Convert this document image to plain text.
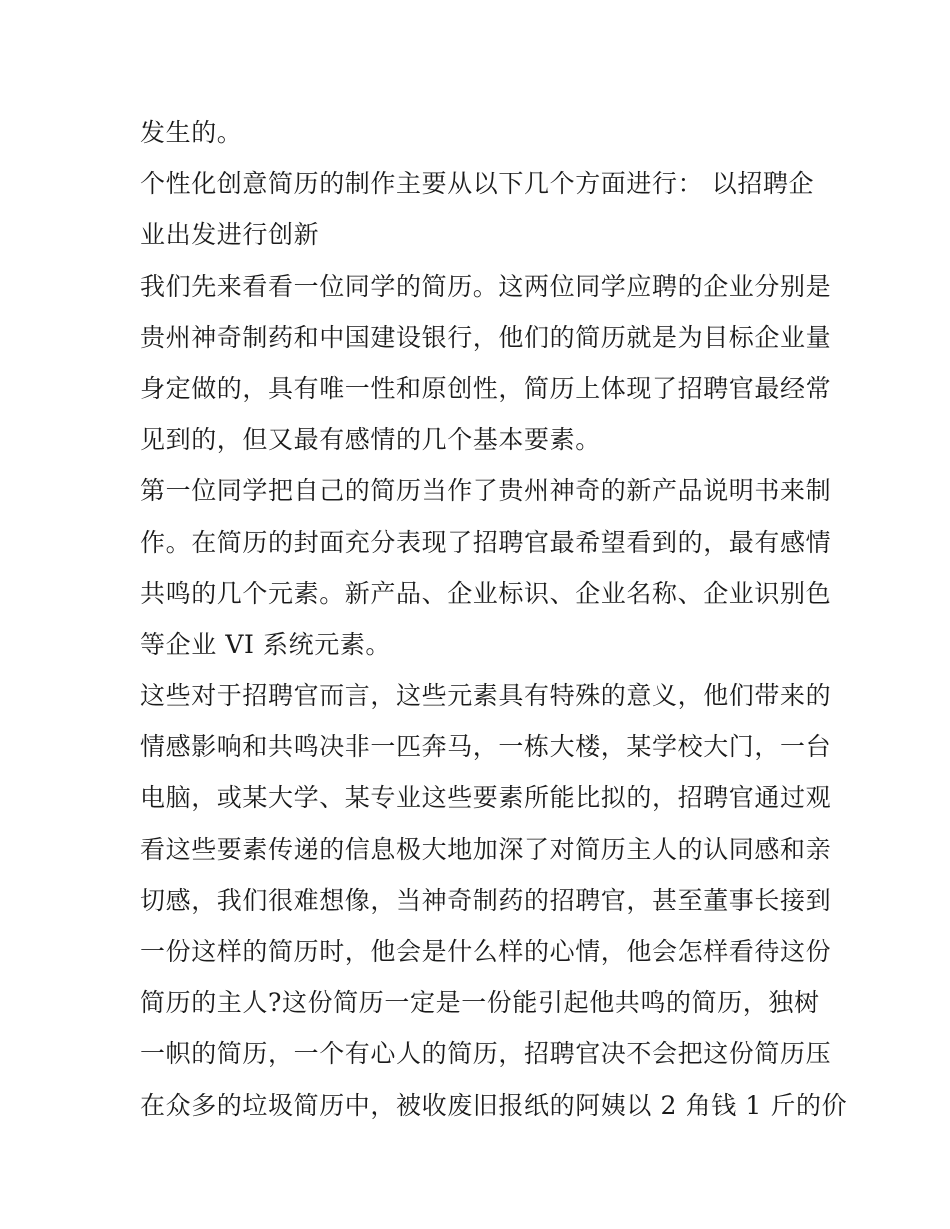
发生的。
个性化创意简历的制作主要从以下几个方面进行： 以招聘企
业出发进行创新
我们先来看看一位同学的简历。这两位同学应聘的企业分别是
贵州神奇制药和中国建设银行，他们的简历就是为目标企业量
身定做的，具有唯一性和原创性，简历上体现了招聘官最经常
见到的，但又最有感情的几个基本要素。
第一位同学把自己的简历当作了贵州神奇的新产品说明书来制
作。在简历的封面充分表现了招聘官最希望看到的，最有感情
共鸣的几个元素。新产品、企业标识、企业名称、企业识别色
等企业 VI 系统元素。
这些对于招聘官而言，这些元素具有特殊的意义，他们带来的
情感影响和共鸣决非一匹奔马，一栋大楼，某学校大门，一台
电脑，或某大学、某专业这些要素所能比拟的，招聘官通过观
看这些要素传递的信息极大地加深了对简历主人的认同感和亲
切感，我们很难想像，当神奇制药的招聘官，甚至董事长接到
一份这样的简历时，他会是什么样的心情，他会怎样看待这份
简历的主人?这份简历一定是一份能引起他共鸣的简历，独树
一帜的简历，一个有心人的简历，招聘官决不会把这份简历压
在众多的垃圾简历中，被收废旧报纸的阿姨以 2 角钱 1 斤的价
